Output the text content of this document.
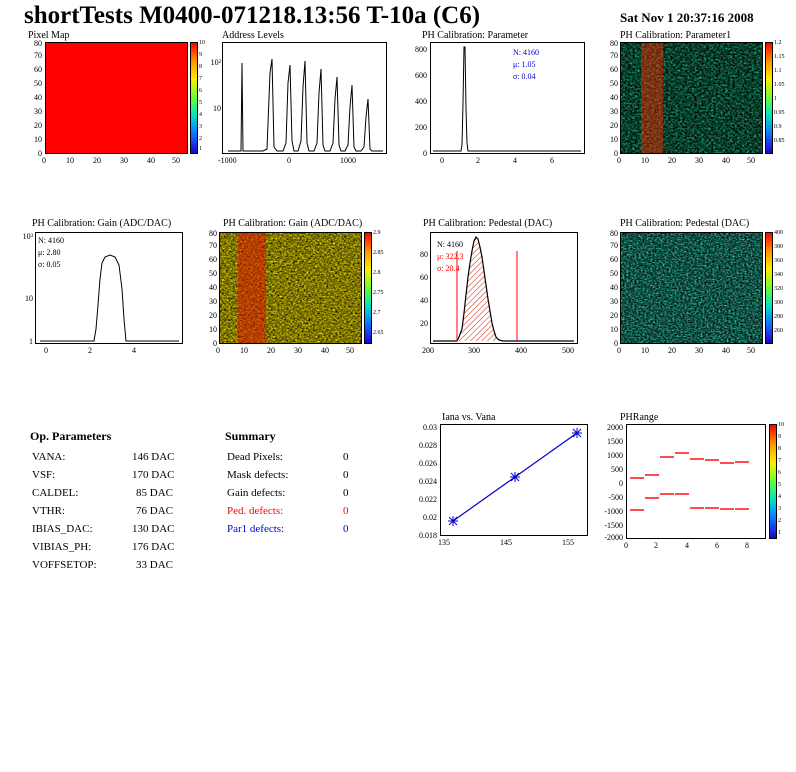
shortTests M0400-071218.13:56 T-10a (C6)	Sat Nov 1 20:37:16 2008
Pixel Map
0
10
20
30
40
50
60
70
80
0	10 20 30 40 50
10
9
8
7
6
5
4
3
2
1
Address Levels
10
10²
-1000	0	1000
PH Calibration: Parameter
N: 4160
μ: 1.05
σ: 0.04
0
200
400
600
800
0	2	4	6
PH Calibration: Parameter1
0
10
20
30
40
50
60
70
80
0	10 20 30 40 50
1.2
1.15
1.1
1.05
1
0.95
0.9
0.85
PH Calibration: Gain (ADC/DAC)
N: 4160
μ: 2.80
σ: 0.05
1
10
10³
0	2	4
PH Calibration: Gain (ADC/DAC)
0
10
20
30
40
50
60
70
80
0	10 20 30 40 50
2.9
2.85
2.8
2.75
2.7
2.65
PH Calibration: Pedestal (DAC)
N: 4160
μ: 322.3
σ: 20.4
20
40
60
80
200	300	400	500
PH Calibration: Pedestal (DAC)
0
10
20
30
40
50
60
70
80
0	10 20 30 40 50
400
380
360
340
320
300
280
260
Op. Parameters
VANA:	146 DAC
VSF:	170 DAC
CALDEL:	85 DAC
VTHR:	76 DAC
IBIAS_DAC:	130 DAC
VIBIAS_PH:	176 DAC
VOFFSETOP:	33 DAC
Summary
Dead Pixels:	0
Mask defects:	0
Gain defects:	0
Ped. defects:	0
Par1 defects:	0
Iana vs. Vana
0.018
0.02
0.022
0.024
0.026
0.028
0.03
135	145	155
PHRange
2000
1500
1000
500
0
-500
-1000
-1500
-2000
0	2	4	6	8
10
9
8
7
6
5
4
3
2
1
